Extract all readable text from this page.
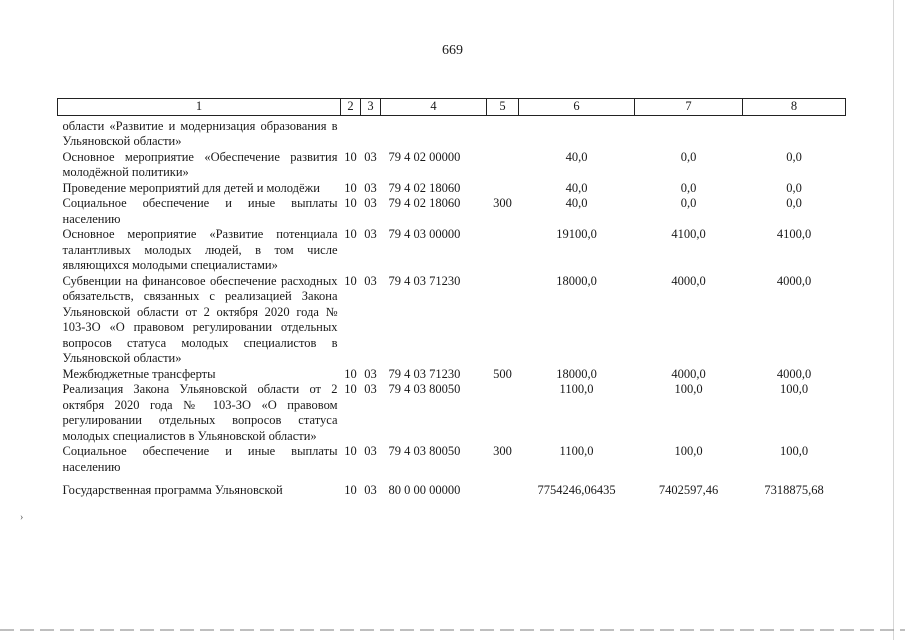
669
1	2	3	4	5	6	7	8
области «Развитие и модернизация образования в Ульяновской области»							
Основное мероприятие «Обеспечение развития молодёжной политики»	10	03	79 4 02 00000		40,0	0,0	0,0
Проведение мероприятий для детей и молодёжи	10	03	79 4 02 18060		40,0	0,0	0,0
Социальное обеспечение и иные выплаты населению	10	03	79 4 02 18060	300	40,0	0,0	0,0
Основное мероприятие «Развитие потенциала талантливых молодых людей, в том числе являющихся молодыми специалистами»	10	03	79 4 03 00000		19100,0	4100,0	4100,0
Субвенции на финансовое обеспечение расходных обязательств, связанных с реализацией Закона Ульяновской области от 2 октября 2020 года № 103-ЗО «О правовом регулировании отдельных вопросов статуса молодых специалистов в Ульяновской области»	10	03	79 4 03 71230		18000,0	4000,0	4000,0
Межбюджетные трансферты	10	03	79 4 03 71230	500	18000,0	4000,0	4000,0
Реализация Закона Ульяновской области от 2 октября 2020 года № 103-ЗО «О правовом регулировании отдельных вопросов статуса молодых специалистов в Ульяновской области»	10	03	79 4 03 80050		1100,0	100,0	100,0
Социальное обеспечение и иные выплаты населению	10	03	79 4 03 80050	300	1100,0	100,0	100,0
Государственная программа Ульяновской	10	03	80 0 00 00000		7754246,06435	7402597,46	7318875,68
›
